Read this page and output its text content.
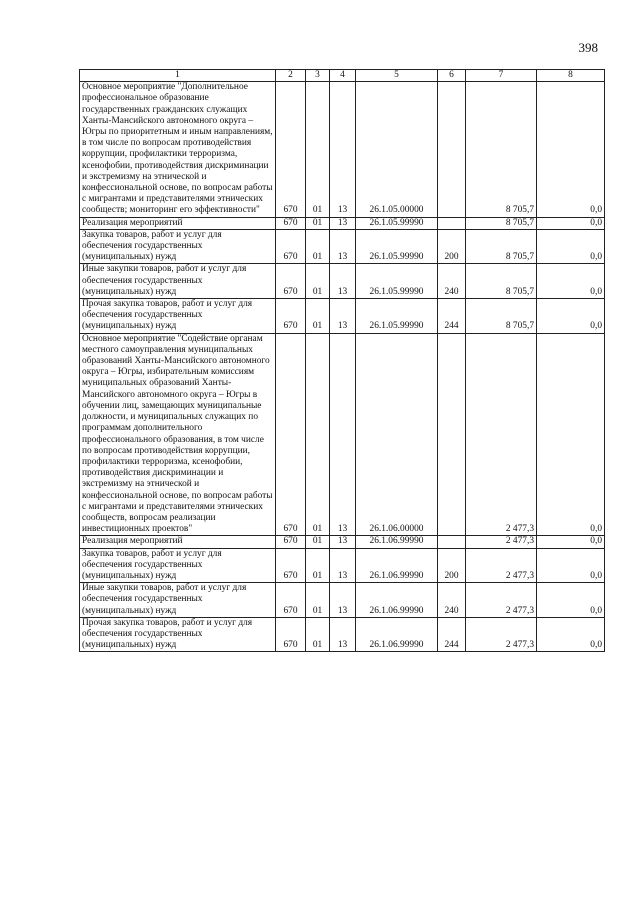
398
1	2	3	4	5	6	7	8
Основное мероприятие "Дополнительное профессиональное образование государственных гражданских служащих Ханты-Мансийского автономного округа – Югры по приоритетным и иным направлениям, в том числе по вопросам противодействия коррупции, профилактики терроризма, ксенофобии, противодействия дискриминации и экстремизму на этнической и конфессиональной основе, по вопросам работы с мигрантами и представителями этнических сообществ; мониторинг его эффективности"	670	01	13	26.1.05.00000		8 705,7	0,0
Реализация мероприятий	670	01	13	26.1.05.99990		8 705,7	0,0
Закупка товаров, работ и услуг для обеспечения государственных (муниципальных) нужд	670	01	13	26.1.05.99990	200	8 705,7	0,0
Иные закупки товаров, работ и услуг для обеспечения государственных (муниципальных) нужд	670	01	13	26.1.05.99990	240	8 705,7	0,0
Прочая закупка товаров, работ и услуг для обеспечения государственных (муниципальных) нужд	670	01	13	26.1.05.99990	244	8 705,7	0,0
Основное мероприятие "Содействие органам местного самоуправления муниципальных образований Ханты-Мансийского автономного округа – Югры, избирательным комиссиям муниципальных образований Ханты-Мансийского автономного округа – Югры в обучении лиц, замещающих муниципальные должности, и муниципальных служащих по программам дополнительного профессионального образования, в том числе по вопросам противодействия коррупции, профилактики терроризма, ксенофобии, противодействия дискриминации и экстремизму на этнической и конфессиональной основе, по вопросам работы с мигрантами и представителями этнических сообществ, вопросам реализации инвестиционных проектов"	670	01	13	26.1.06.00000		2 477,3	0,0
Реализация мероприятий	670	01	13	26.1.06.99990		2 477,3	0,0
Закупка товаров, работ и услуг для обеспечения государственных (муниципальных) нужд	670	01	13	26.1.06.99990	200	2 477,3	0,0
Иные закупки товаров, работ и услуг для обеспечения государственных (муниципальных) нужд	670	01	13	26.1.06.99990	240	2 477,3	0,0
Прочая закупка товаров, работ и услуг для обеспечения государственных (муниципальных) нужд	670	01	13	26.1.06.99990	244	2 477,3	0,0
